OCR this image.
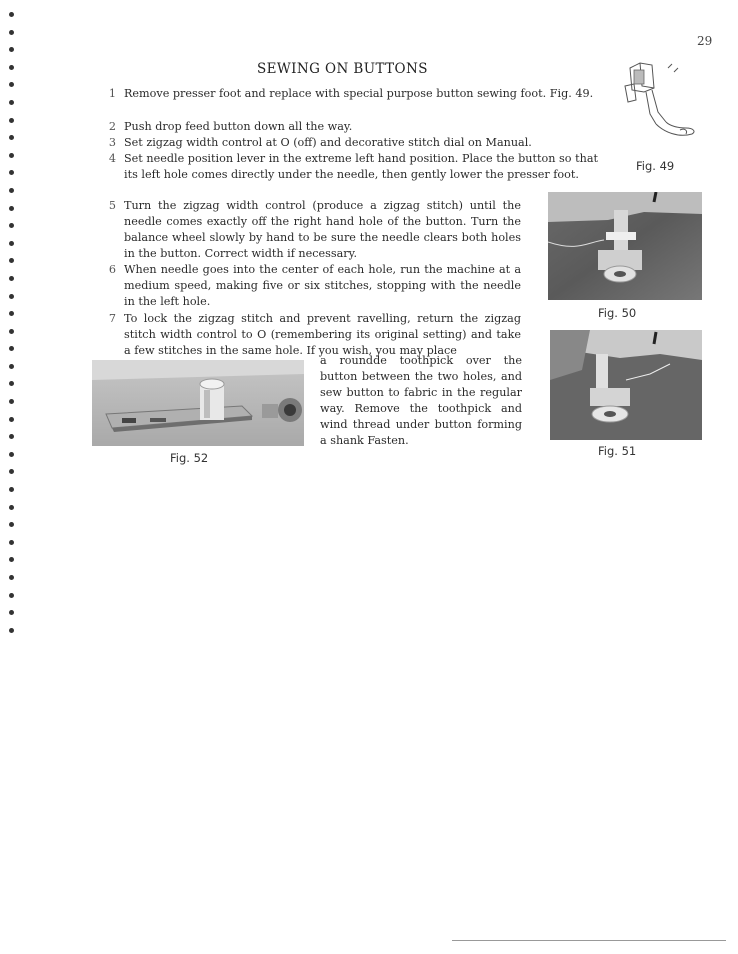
29
SEWING ON BUTTONS
1 Remove presser foot and replace with special purpose button sewing foot. Fig. 49.
2 Push drop feed button down all the way.
3 Set zigzag width control at O (off) and decorative stitch dial on Manual.
4 Set needle position lever in the extreme left hand position. Place the button so that its left hole comes directly under the needle, then gently lower the presser foot.
5 Turn the zigzag width control (produce a zigzag stitch) until the needle comes exactly off the right hand hole of the button. Turn the balance wheel slowly by hand to be sure the needle clears both holes in the button. Correct width if necessary.
6 When needle goes into the center of each hole, run the machine at a medium speed, making five or six stitches, stopping with the needle in the left hole.
7 To lock the zigzag stitch and prevent ravelling, return the zigzag stitch width control to O (remembering its original setting) and take a few stitches in the same hole. If you wish, you may place
a roundde toothpick over the button between the two holes, and sew button to fabric in the regular way. Remove the toothpick and wind thread under button forming a shank Fasten.
Fig. 49
Fig. 50
Fig. 51
Fig. 52
